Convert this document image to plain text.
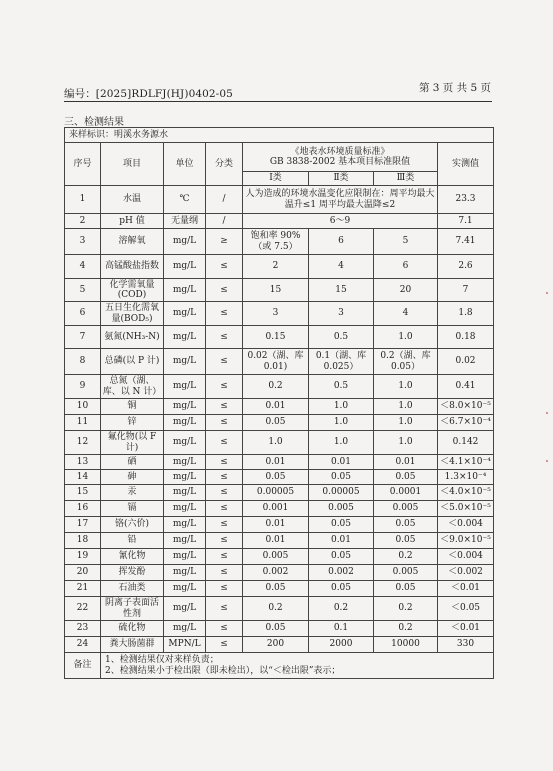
编号：[2025]RDLFJ(HJ)0402-05	第 3 页 共 5 页
三、检测结果
来样标识：明溪水务源水							
序号	项目	单位	分类	《地表水环境质量标准》
GB 3838-2002 基本项目标准限值			实测值

				Ⅰ类	Ⅱ类	Ⅲ类	
1	水温	℃	/	人为造成的环境水温变化应限制在：周平均最大温升≤1 周平均最大温降≤2			23.3
2	pH 值	无量纲	/	6～9			7.1
3	溶解氧	mg/L	≥	饱和率 90%（或 7.5）	6	5	7.41
4	高锰酸盐指数	mg/L	≤	2	4	6	2.6
5	化学需氧量(COD)	mg/L	≤	15	15	20	7
6	五日生化需氧量(BOD₅)	mg/L	≤	3	3	4	1.8
7	氨氮(NH₃-N)	mg/L	≤	0.15	0.5	1.0	0.18
8	总磷(以 P 计)	mg/L	≤	0.02（湖、库 0.01)	0.1（湖、库 0.025）	0.2（湖、库 0.05）	0.02
9	总氮（湖、库、以 N 计）	mg/L	≤	0.2	0.5	1.0	0.41
10	铜	mg/L	≤	0.01	1.0	1.0	＜8.0×10⁻⁵
11	锌	mg/L	≤	0.05	1.0	1.0	＜6.7×10⁻⁴
12	氟化物(以 F 计)	mg/L	≤	1.0	1.0	1.0	0.142
13	硒	mg/L	≤	0.01	0.01	0.01	＜4.1×10⁻⁴
14	砷	mg/L	≤	0.05	0.05	0.05	1.3×10⁻⁴
15	汞	mg/L	≤	0.00005	0.00005	0.0001	＜4.0×10⁻⁵
16	镉	mg/L	≤	0.001	0.005	0.005	＜5.0×10⁻⁵
17	铬(六价)	mg/L	≤	0.01	0.05	0.05	＜0.004
18	铅	mg/L	≤	0.01	0.01	0.05	＜9.0×10⁻⁵
19	氰化物	mg/L	≤	0.005	0.05	0.2	＜0.004
20	挥发酚	mg/L	≤	0.002	0.002	0.005	＜0.002
21	石油类	mg/L	≤	0.05	0.05	0.05	＜0.01
22	阴离子表面活性剂	mg/L	≤	0.2	0.2	0.2	＜0.05
23	硫化物	mg/L	≤	0.05	0.1	0.2	＜0.01
24	粪大肠菌群	MPN/L	≤	200	2000	10000	330
备注	1、检测结果仅对来样负责；
2、检测结果小于检出限（即未检出），以“＜检出限”表示；						
